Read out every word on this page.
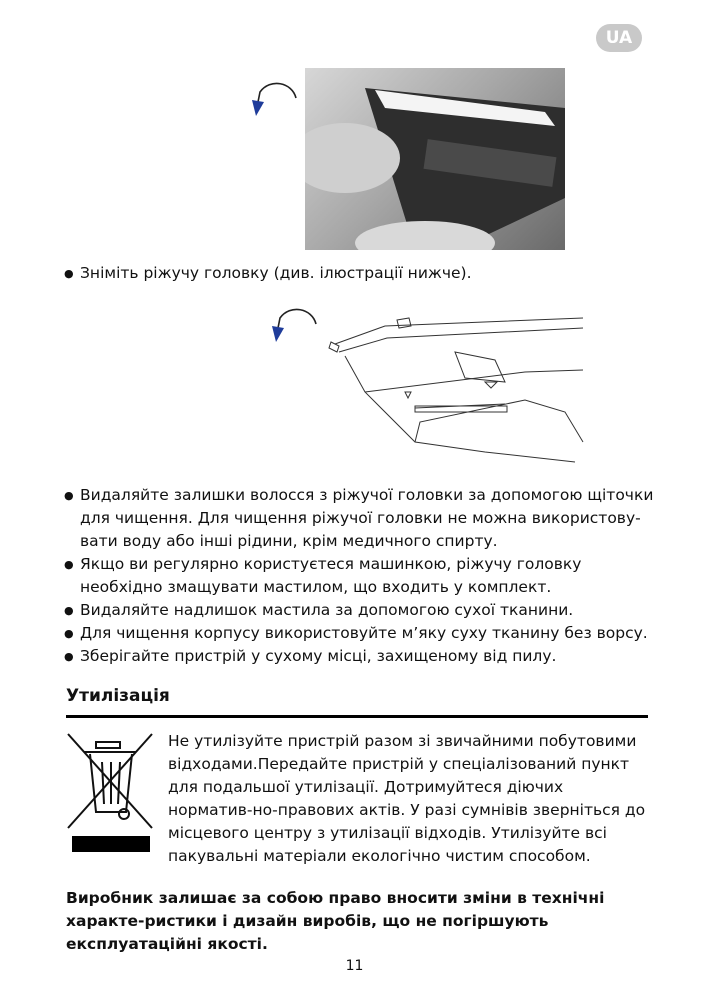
UA
● Зніміть ріжучу головку (див. ілюстрації нижче).
● Видаляйте залишки волосся з ріжучої головки за допомогою щіточки для чищення. Для чищення ріжучої головки не можна використову-вати воду або інші рідини, крім медичного спирту.
● Якщо ви регулярно користуєтеся машинкою, ріжучу головку необхідно змащувати мастилом, що входить у комплект.
● Видаляйте надлишок мастила за допомогою сухої тканини.
● Для чищення корпусу використовуйте м’яку суху тканину без ворсу.
● Зберігайте пристрій у сухому місці, захищеному від пилу.
Утилізація
Не утилізуйте пристрій разом зі звичайними побутовими відходами.Передайте пристрій у спеціалізований пункт для подальшої утилізації. Дотримуйтеся діючих норматив-но-правових актів. У разі сумнівів зверніться до місцевого центру з утилізації відходів. Утилізуйте всі пакувальні матеріали екологічно чистим способом.
Виробник залишає за собою право вносити зміни в технічні характе-ристики і дизайн виробів, що не погіршують експлуатаційні якості.
11
